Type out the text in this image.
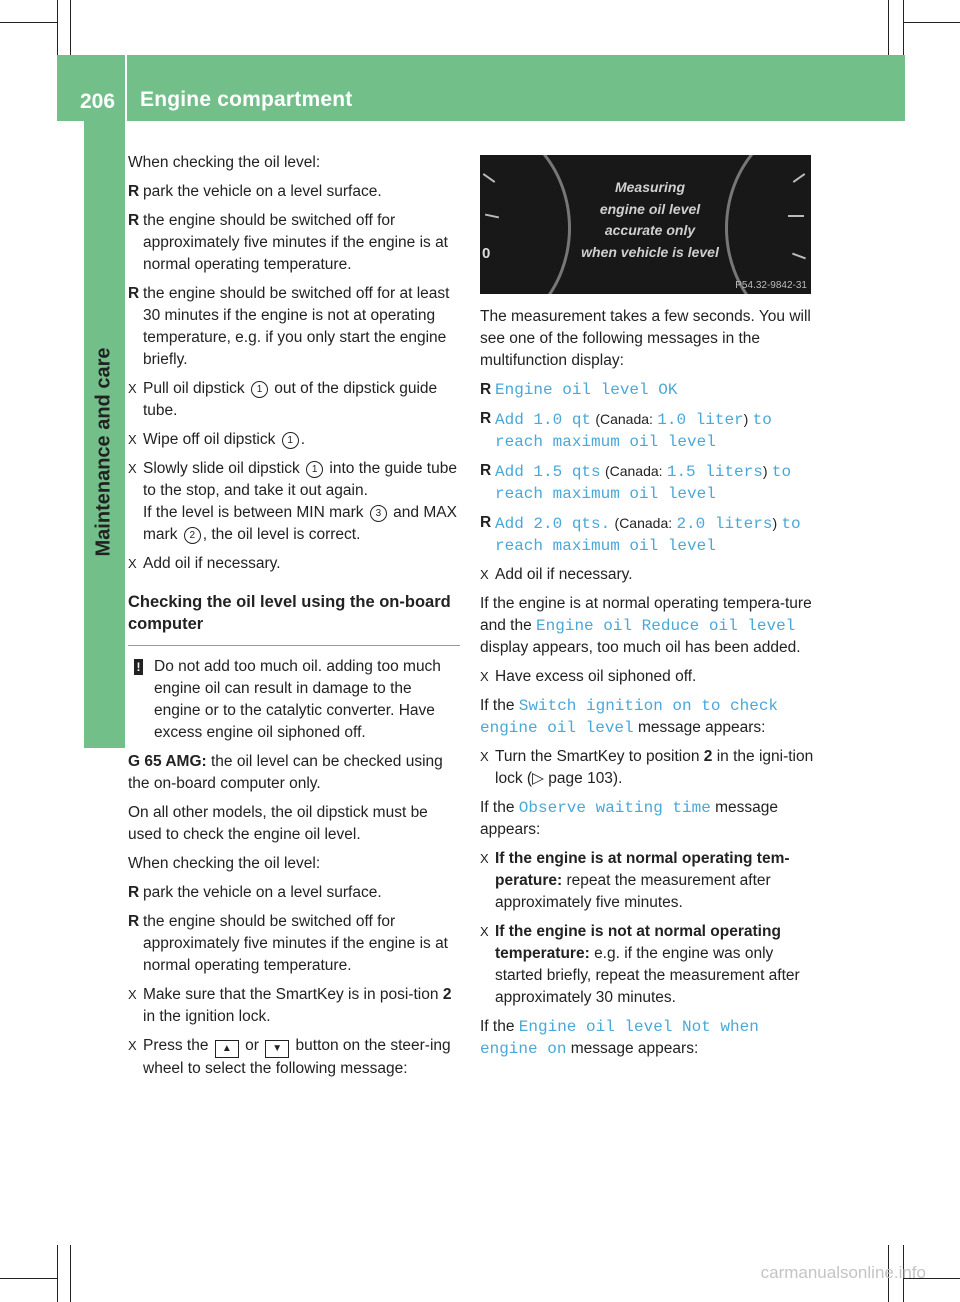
206 Engine compartment
Maintenance and care

When checking the oil level:

R park the vehicle on a level surface.
R the engine should be switched off for approximately five minutes if the engine is at normal operating temperature.
R the engine should be switched off for at least 30 minutes if the engine is not at operating temperature, e.g. if you only start the engine briefly.
X Pull oil dipstick 1 out of the dipstick guide tube.
X Wipe off oil dipstick 1 .
X Slowly slide oil dipstick 1 into the guide tube to the stop, and take it out again.
If the level is between MIN mark 3 and MAX mark 2 , the oil level is correct.
X Add oil if necessary.
Checking the oil level using the on-board computer
! Do not add too much oil. adding too much engine oil can result in damage to the engine or to the catalytic converter. Have excess engine oil siphoned off.

G 65 AMG: the oil level can be checked using the on-board computer only.

On all other models, the oil dipstick must be used to check the engine oil level.

When checking the oil level:

R park the vehicle on a level surface.
R the engine should be switched off for approximately five minutes if the engine is at normal operating temperature.
X Make sure that the SmartKey is in posi-tion 2 in the ignition lock.
X Press the ▲ or ▼ button on the steer-ing wheel to select the following message:
0
Measuring
engine oil level
accurate only
when vehicle is level
P54.32-9842-31

The measurement takes a few seconds. You will see one of the following messages in the multifunction display:

R Engine oil level OK
R Add 1.0 qt (Canada: 1.0 liter) to reach maximum oil level
R Add 1.5 qts (Canada: 1.5 liters) to reach maximum oil level
R Add 2.0 qts. (Canada: 2.0 liters) to reach maximum oil level
X Add oil if necessary.

If the engine is at normal operating tempera-ture and the Engine oil Reduce oil level display appears, too much oil has been added.

X Have excess oil siphoned off.

If the Switch ignition on to check engine oil level message appears:

X Turn the SmartKey to position 2 in the igni-tion lock (▷ page 103).

If the Observe waiting time message appears:

X If the engine is at normal operating tem-perature: repeat the measurement after approximately five minutes.
X If the engine is not at normal operating temperature: e.g. if the engine was only started briefly, repeat the measurement after approximately 30 minutes.

If the Engine oil level Not when engine on message appears:

carmanualsonline.info
